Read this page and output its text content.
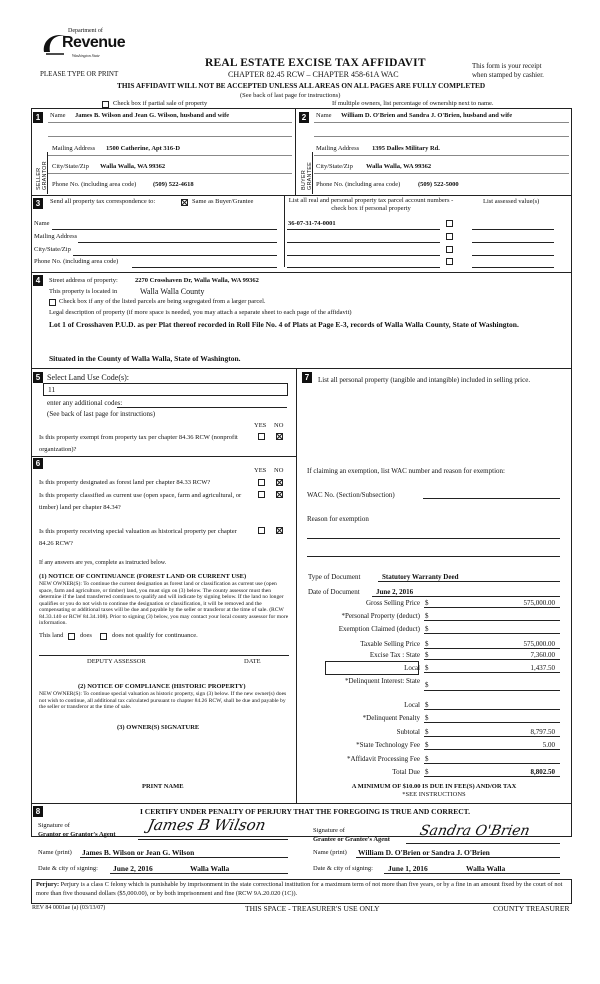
Department of
Revenue
Washington State
PLEASE TYPE OR PRINT
REAL ESTATE EXCISE TAX AFFIDAVIT
CHAPTER 82.45 RCW – CHAPTER 458-61A WAC
THIS AFFIDAVIT WILL NOT BE ACCEPTED UNLESS ALL AREAS ON ALL PAGES ARE FULLY COMPLETED
(See back of last page for instructions)
This form is your receipt
when stamped by cashier.
Check box if partial sale of property	If multiple owners, list percentage of ownership next to name.
1	Name James B. Wilson and Jean G. Wilson, husband and wife
SELLER GRANTOR
Mailing Address 1500 Catherine, Apt 316-D
City/State/Zip Walla Walla, WA 99362
Phone No. (including area code)	(509) 522-4618
2	Name William D. O'Brien and Sandra J. O'Brien, husband and wife
BUYER GRANTEE
Mailing Address 1395 Dalles Military Rd.
City/State/Zip Walla Walla, WA 99362
Phone No. (including area code)	(509) 522-5000
3	Send all property tax correspondence to:	Same as Buyer/Grantee	List all real and personal property tax parcel account numbers - check box if personal property
List assessed value(s)
Name
Mailing Address
City/State/Zip
Phone No. (including area code)
36-07-31-74-0001
4	Street address of property:	2270 Crosshaven Dr, Walla Walla, WA 99362
This property is located in	Walla Walla County
Check box if any of the listed parcels are being segregated from a larger parcel.
Legal description of property (if more space is needed, you may attach a separate sheet to each page of the affidavit)
Lot 1 of Crosshaven P.U.D. as per Plat thereof recorded in Roll File No. 4 of Plats at Page E-3, records of Walla Walla County, State of Washington.
Situated in the County of Walla Walla, State of Washington.
5 Select Land Use Code(s):
11
enter any additional codes:
(See back of last page for instructions)
YES NO
Is this property exempt from property tax per chapter 84.36 RCW (nonprofit organization)?
6
YES NO
Is this property designated as forest land per chapter 84.33 RCW?
Is this property classified as current use (open space, farm and agricultural, or timber) land per chapter 84.34?
Is this property receiving special valuation as historical property per chapter 84.26 RCW?
If any answers are yes, complete as instructed below.
(1) NOTICE OF CONTINUANCE (FOREST LAND OR CURRENT USE)
NEW OWNER(S): To continue the current designation as forest land or classification as current use (open space, farm and agriculture, or timber) land, you must sign on (3) below. The county assessor must then determine if the land transferred continues to qualify and will indicate by signing below. If the land no longer qualifies or you do not wish to continue the designation or classification, it will be removed and the compensating or additional taxes will be due and payable by the seller or transferor at the time of sale. (RCW 84.33.140 or RCW 84.34.108). Prior to signing (3) below, you may contact your local county assessor for more information.
This land	does	does not qualify for continuance.
DEPUTY ASSESSOR	DATE
(2) NOTICE OF COMPLIANCE (HISTORIC PROPERTY)
NEW OWNER(S): To continue special valuation as historic property, sign (3) below. If the new owner(s) does not wish to continue, all additional tax calculated pursuant to chapter 84.26 RCW, shall be due and payable by the seller or transferor at the time of sale.
(3) OWNER(S) SIGNATURE
PRINT NAME
7	List all personal property (tangible and intangible) included in selling price.
If claiming an exemption, list WAC number and reason for exemption:
WAC No. (Section/Subsection)
Reason for exemption
Type of Document	Statutory Warranty Deed
Date of Document June 2, 2016
Gross Selling Price $	575,000.00
*Personal Property (deduct) $
Exemption Claimed (deduct) $
Taxable Selling Price $	575,000.00
Excise Tax : State $	7,360.00
Local $	1,437.50
*Delinquent Interest: State $
Local $
*Delinquent Penalty $
Subtotal $	8,797.50
*State Technology Fee $	5.00
*Affidavit Processing Fee $
Total Due $	8,802.50
A MINIMUM OF $10.00 IS DUE IN FEE(S) AND/OR TAX
*SEE INSTRUCTIONS
8	I CERTIFY UNDER PENALTY OF PERJURY THAT THE FOREGOING IS TRUE AND CORRECT.
Signature of
Grantor or Grantor's Agent
James B Wilson	Signature of
Grantee or Grantee's Agent
Sandra O'Brien
Name (print) James B. Wilson or Jean G. Wilson	Name (print) William D. O'Brien or Sandra J. O'Brien
Date & city of signing: June 2, 2016	Walla Walla	Date & city of signing: June 1, 2016	Walla Walla
Perjury: Perjury is a class C felony which is punishable by imprisonment in the state correctional institution for a maximum term of not more than five years, or by a fine in an amount fixed by the court of not more than five thousand dollars ($5,000.00), or by both imprisonment and fine (RCW 9A.20.020 (1C)).
REV 84 0001ae (a) (03/13/07)	THIS SPACE - TREASURER'S USE ONLY	COUNTY TREASURER
